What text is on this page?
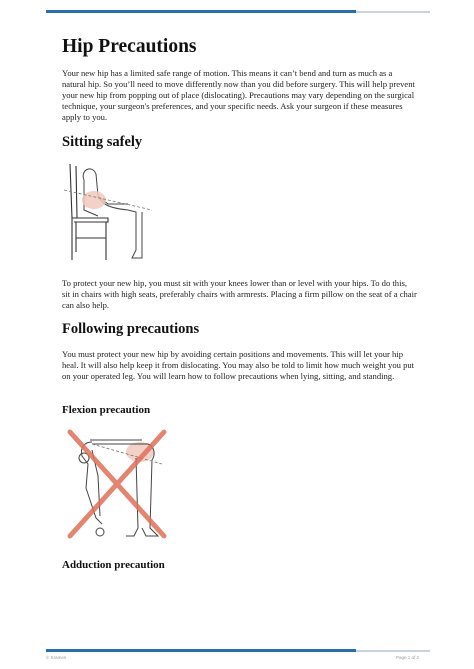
Hip Precautions

Your new hip has a limited safe range of motion. This means it can’t bend and turn as much as a natural hip. So you’ll need to move differently now than you did before surgery. This will help prevent your new hip from popping out of place (dislocating). Precautions may vary depending on the surgical technique, your surgeon's preferences, and your specific needs. Ask your surgeon if these measures apply to you.

Sitting safely

To protect your new hip, you must sit with your knees lower than or level with your hips. To do this, sit in chairs with high seats, preferably chairs with armrests. Placing a firm pillow on the seat of a chair can also help.

Following precautions

You must protect your new hip by avoiding certain positions and movements. This will let your hip heal. It will also help keep it from dislocating. You may also be told to limit how much weight you put on your operated leg. You will learn how to follow precautions when lying, sitting, and standing.

Flexion precaution
Adduction precaution
© Krames	Page 1 of 2
